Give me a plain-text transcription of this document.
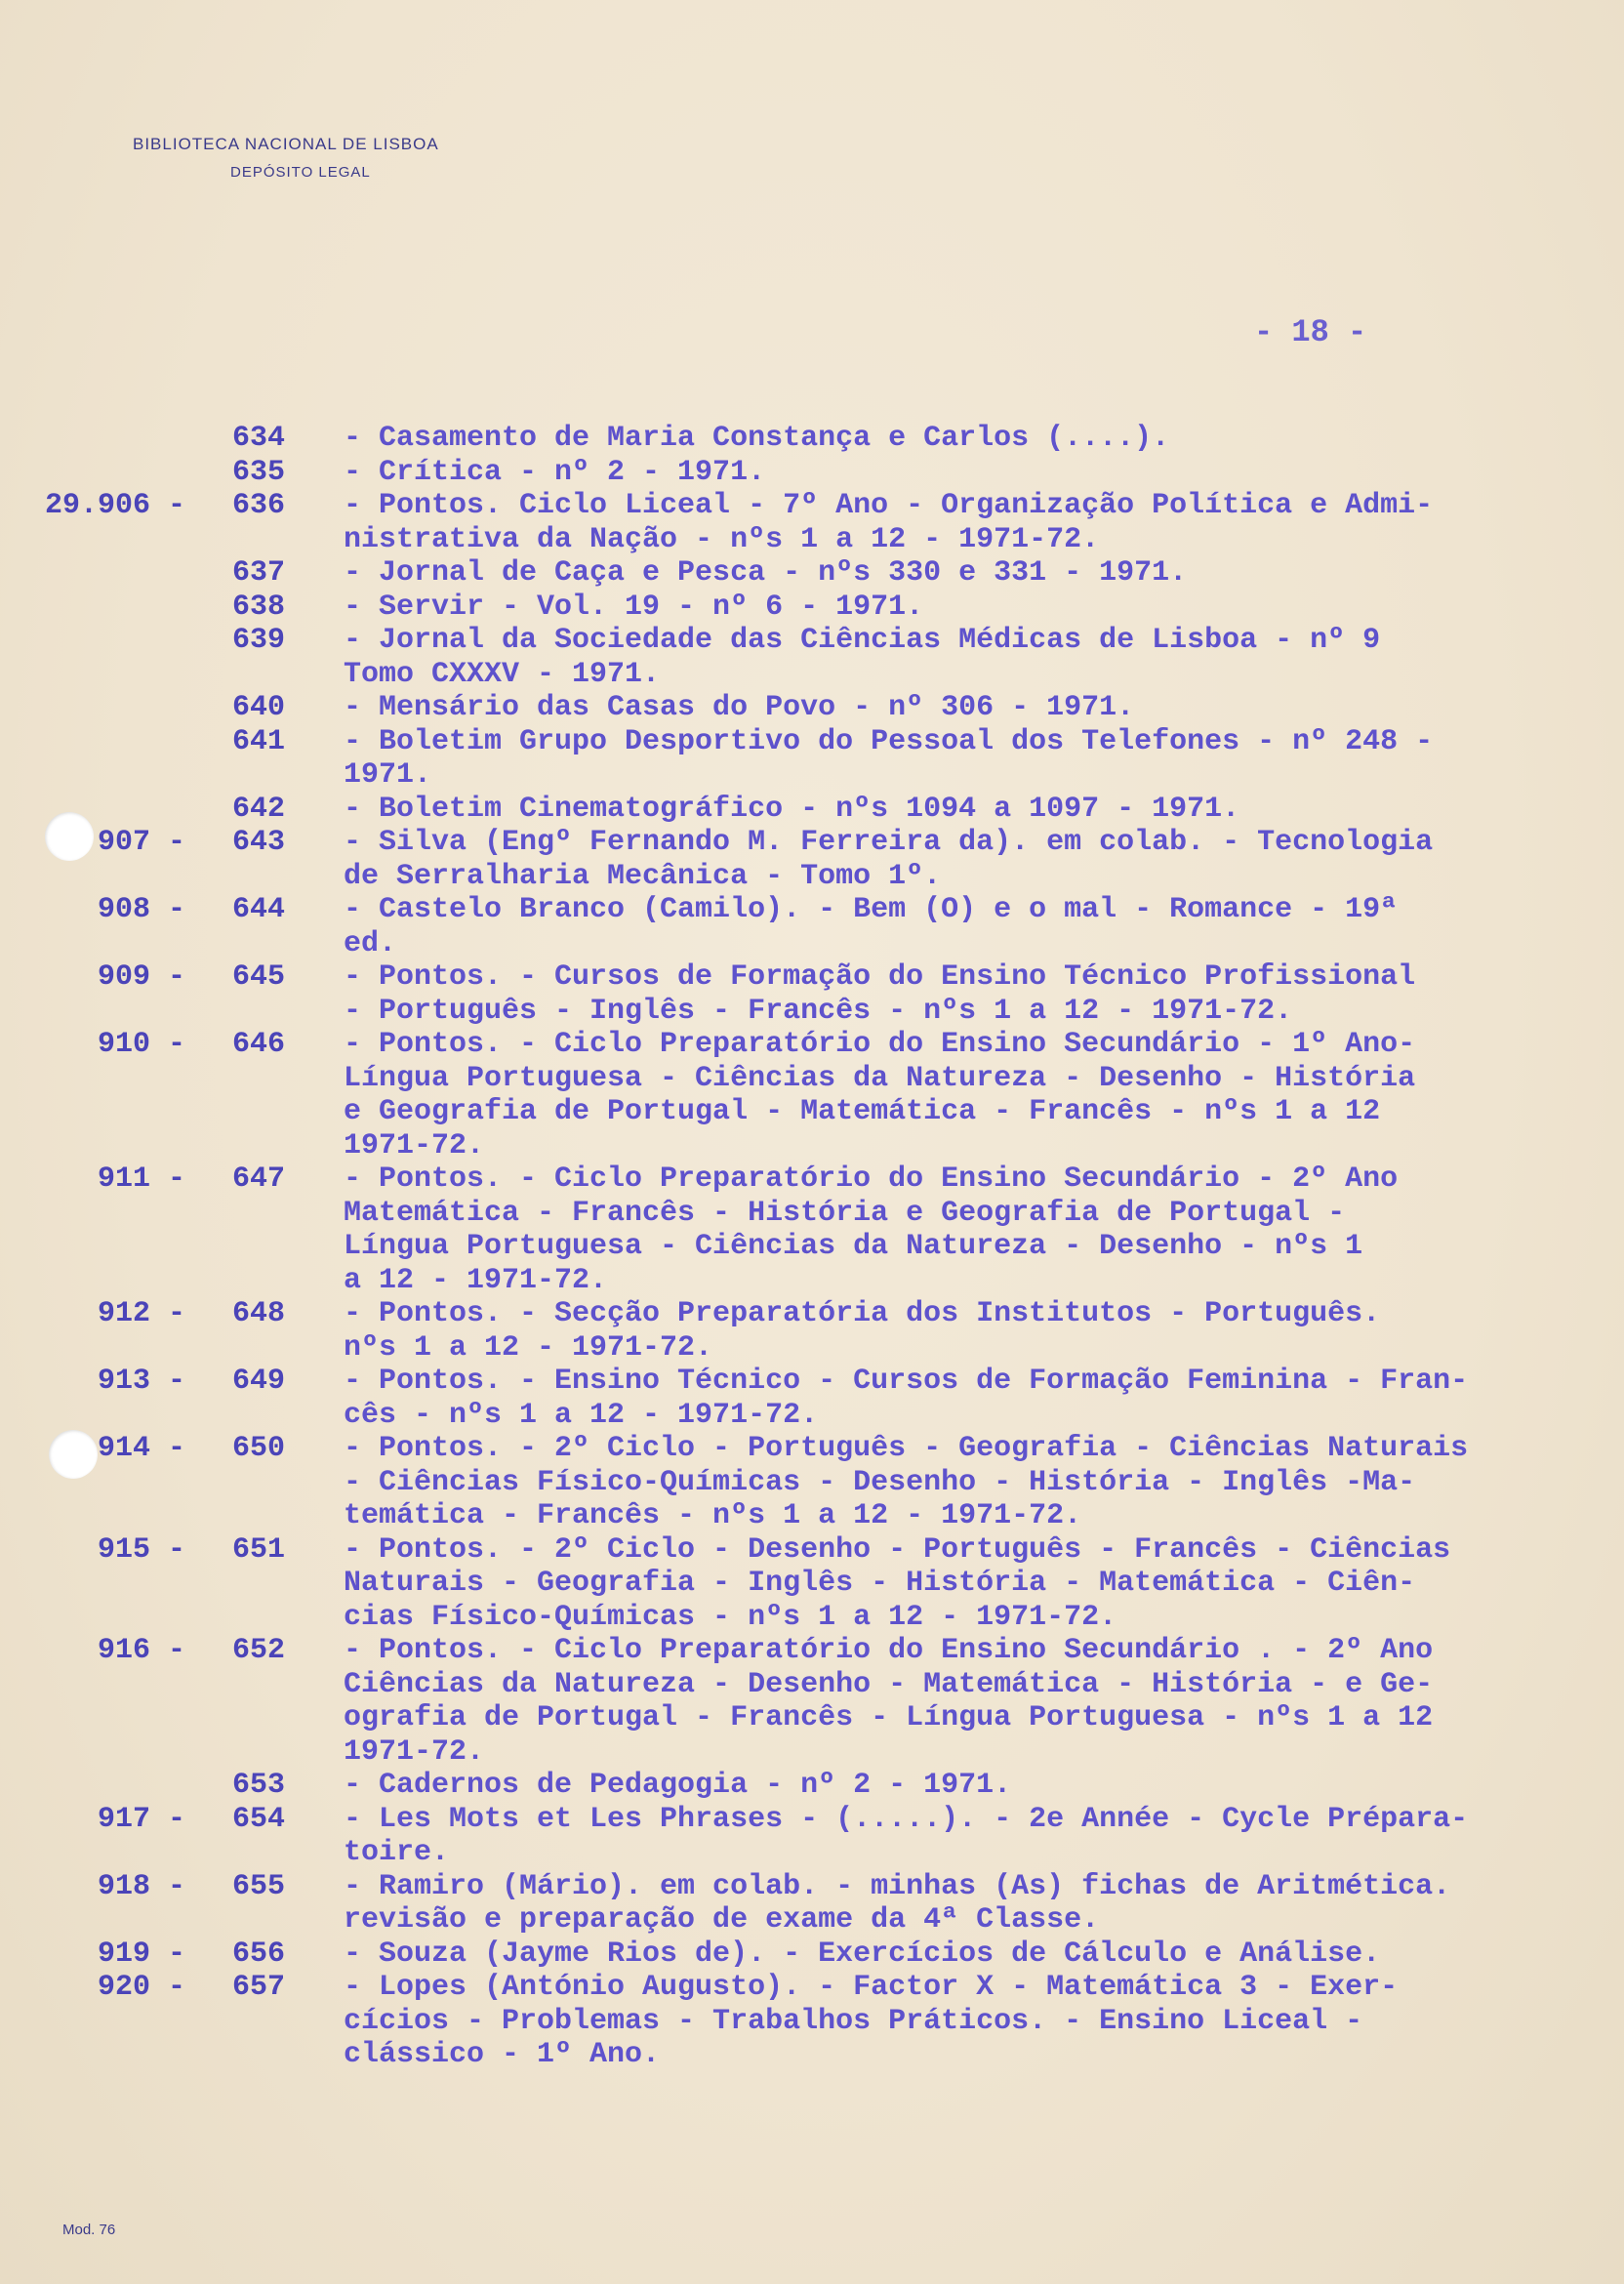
BIBLIOTECA NACIONAL DE LISBOA
DEPÓSITO LEGAL
- 18 -
634	- Casamento de Maria Constança e Carlos (....).
635	- Crítica - nº 2 - 1971.
29.906 - 636	- Pontos. Ciclo Liceal - 7º Ano - Organização Política e Admi-
nistrativa da Nação - nºs 1 a 12 - 1971-72.
637	- Jornal de Caça e Pesca - nºs 330 e 331 - 1971.
638	- Servir - Vol. 19 - nº 6 - 1971.
639	- Jornal da Sociedade das Ciências Médicas de Lisboa - nº 9
Tomo CXXXV - 1971.
640	- Mensário das Casas do Povo - nº 306 - 1971.
641	- Boletim Grupo Desportivo do Pessoal dos Telefones - nº 248 -
1971.
642	- Boletim Cinematográfico - nºs 1094 a 1097 - 1971.
907 - 643	- Silva (Engº Fernando M. Ferreira da). em colab. - Tecnologia
de Serralharia Mecânica - Tomo 1º.
908 - 644	- Castelo Branco (Camilo). - Bem (O) e o mal - Romance - 19ª
ed.
909 - 645	- Pontos. - Cursos de Formação do Ensino Técnico Profissional
- Português - Inglês - Francês - nºs 1 a 12 - 1971-72.
910 - 646	- Pontos. - Ciclo Preparatório do Ensino Secundário - 1º Ano-
Língua Portuguesa - Ciências da Natureza - Desenho - História
e Geografia de Portugal - Matemática - Francês - nºs 1 a 12
1971-72.
911 - 647	- Pontos. - Ciclo Preparatório do Ensino Secundário - 2º Ano
Matemática - Francês - História e Geografia de Portugal -
Língua Portuguesa - Ciências da Natureza - Desenho - nºs 1
a 12 - 1971-72.
912 - 648	- Pontos. - Secção Preparatória dos Institutos - Português.
nºs 1 a 12 - 1971-72.
913 - 649	- Pontos. - Ensino Técnico - Cursos de Formação Feminina - Fran-
cês - nºs 1 a 12 - 1971-72.
914 - 650	- Pontos. - 2º Ciclo - Português - Geografia - Ciências Naturais
- Ciências Físico-Químicas - Desenho - História - Inglês -Ma-
temática - Francês - nºs 1 a 12 - 1971-72.
915 - 651	- Pontos. - 2º Ciclo - Desenho - Português - Francês - Ciências
Naturais - Geografia - Inglês - História - Matemática - Ciên-
cias Físico-Químicas - nºs 1 a 12 - 1971-72.
916 - 652	- Pontos. - Ciclo Preparatório do Ensino Secundário . - 2º Ano
Ciências da Natureza - Desenho - Matemática - História - e Ge-
ografia de Portugal - Francês - Língua Portuguesa - nºs 1 a 12
1971-72.
653	- Cadernos de Pedagogia - nº 2 - 1971.
917 - 654	- Les Mots et Les Phrases - (.....). - 2e Année - Cycle Prépara-
toire.
918 - 655	- Ramiro (Mário). em colab. - minhas (As) fichas de Aritmética.
revisão e preparação de exame da 4ª Classe.
919 - 656	- Souza (Jayme Rios de). - Exercícios de Cálculo e Análise.
920 - 657	- Lopes (António Augusto). - Factor X - Matemática 3 - Exer-
cícios - Problemas - Trabalhos Práticos. - Ensino Liceal -
clássico - 1º Ano.
Mod. 76
